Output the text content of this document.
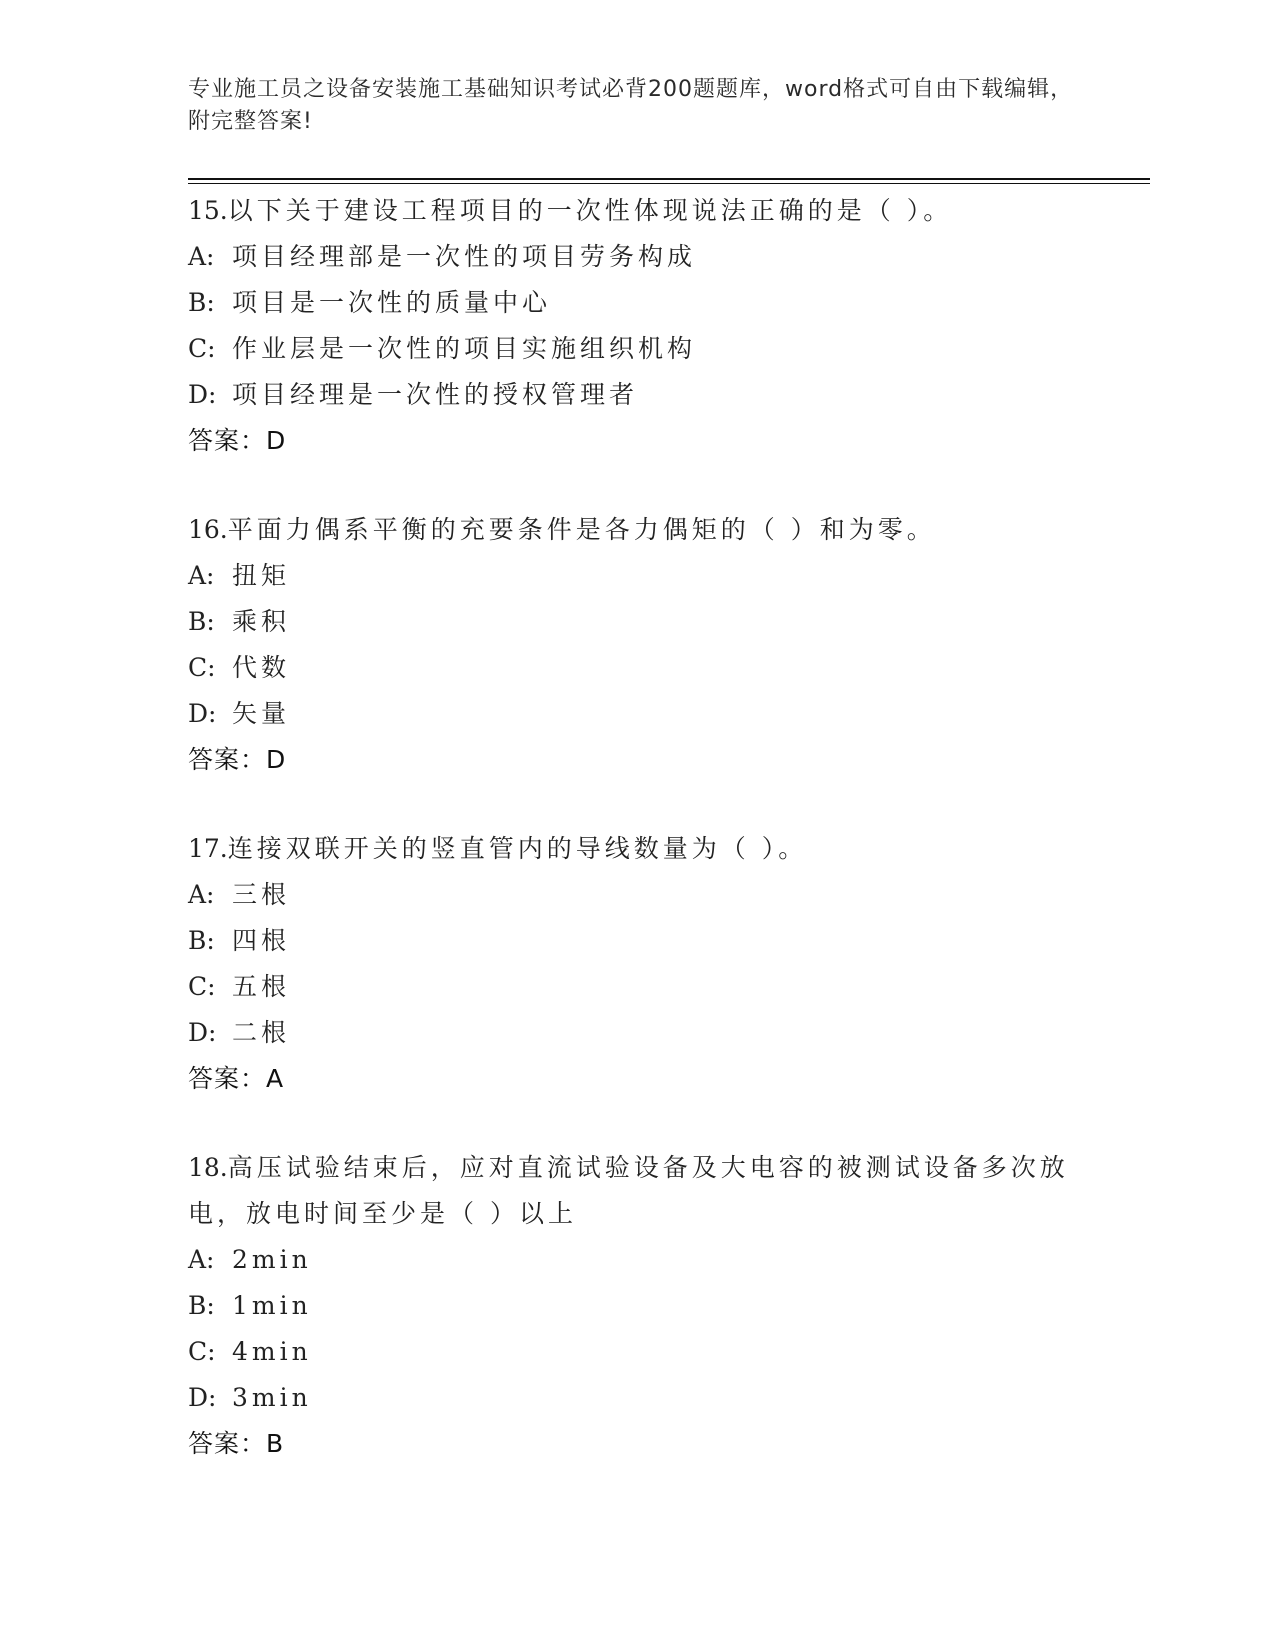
专业施工员之设备安装施工基础知识考试必背200题题库，word格式可自由下载编辑，附完整答案!
15.以下关于建设工程项目的一次性体现说法正确的是（ ）。
A: 项目经理部是一次性的项目劳务构成
B: 项目是一次性的质量中心
C: 作业层是一次性的项目实施组织机构
D: 项目经理是一次性的授权管理者
答案：D
16.平面力偶系平衡的充要条件是各力偶矩的（ ）和为零。
A: 扭矩
B: 乘积
C: 代数
D: 矢量
答案：D
17.连接双联开关的竖直管内的导线数量为（ ）。
A: 三根
B: 四根
C: 五根
D: 二根
答案：A
18.高压试验结束后，应对直流试验设备及大电容的被测试设备多次放电，放电时间至少是（ ）以上
A: 2min
B: 1min
C: 4min
D: 3min
答案：B
